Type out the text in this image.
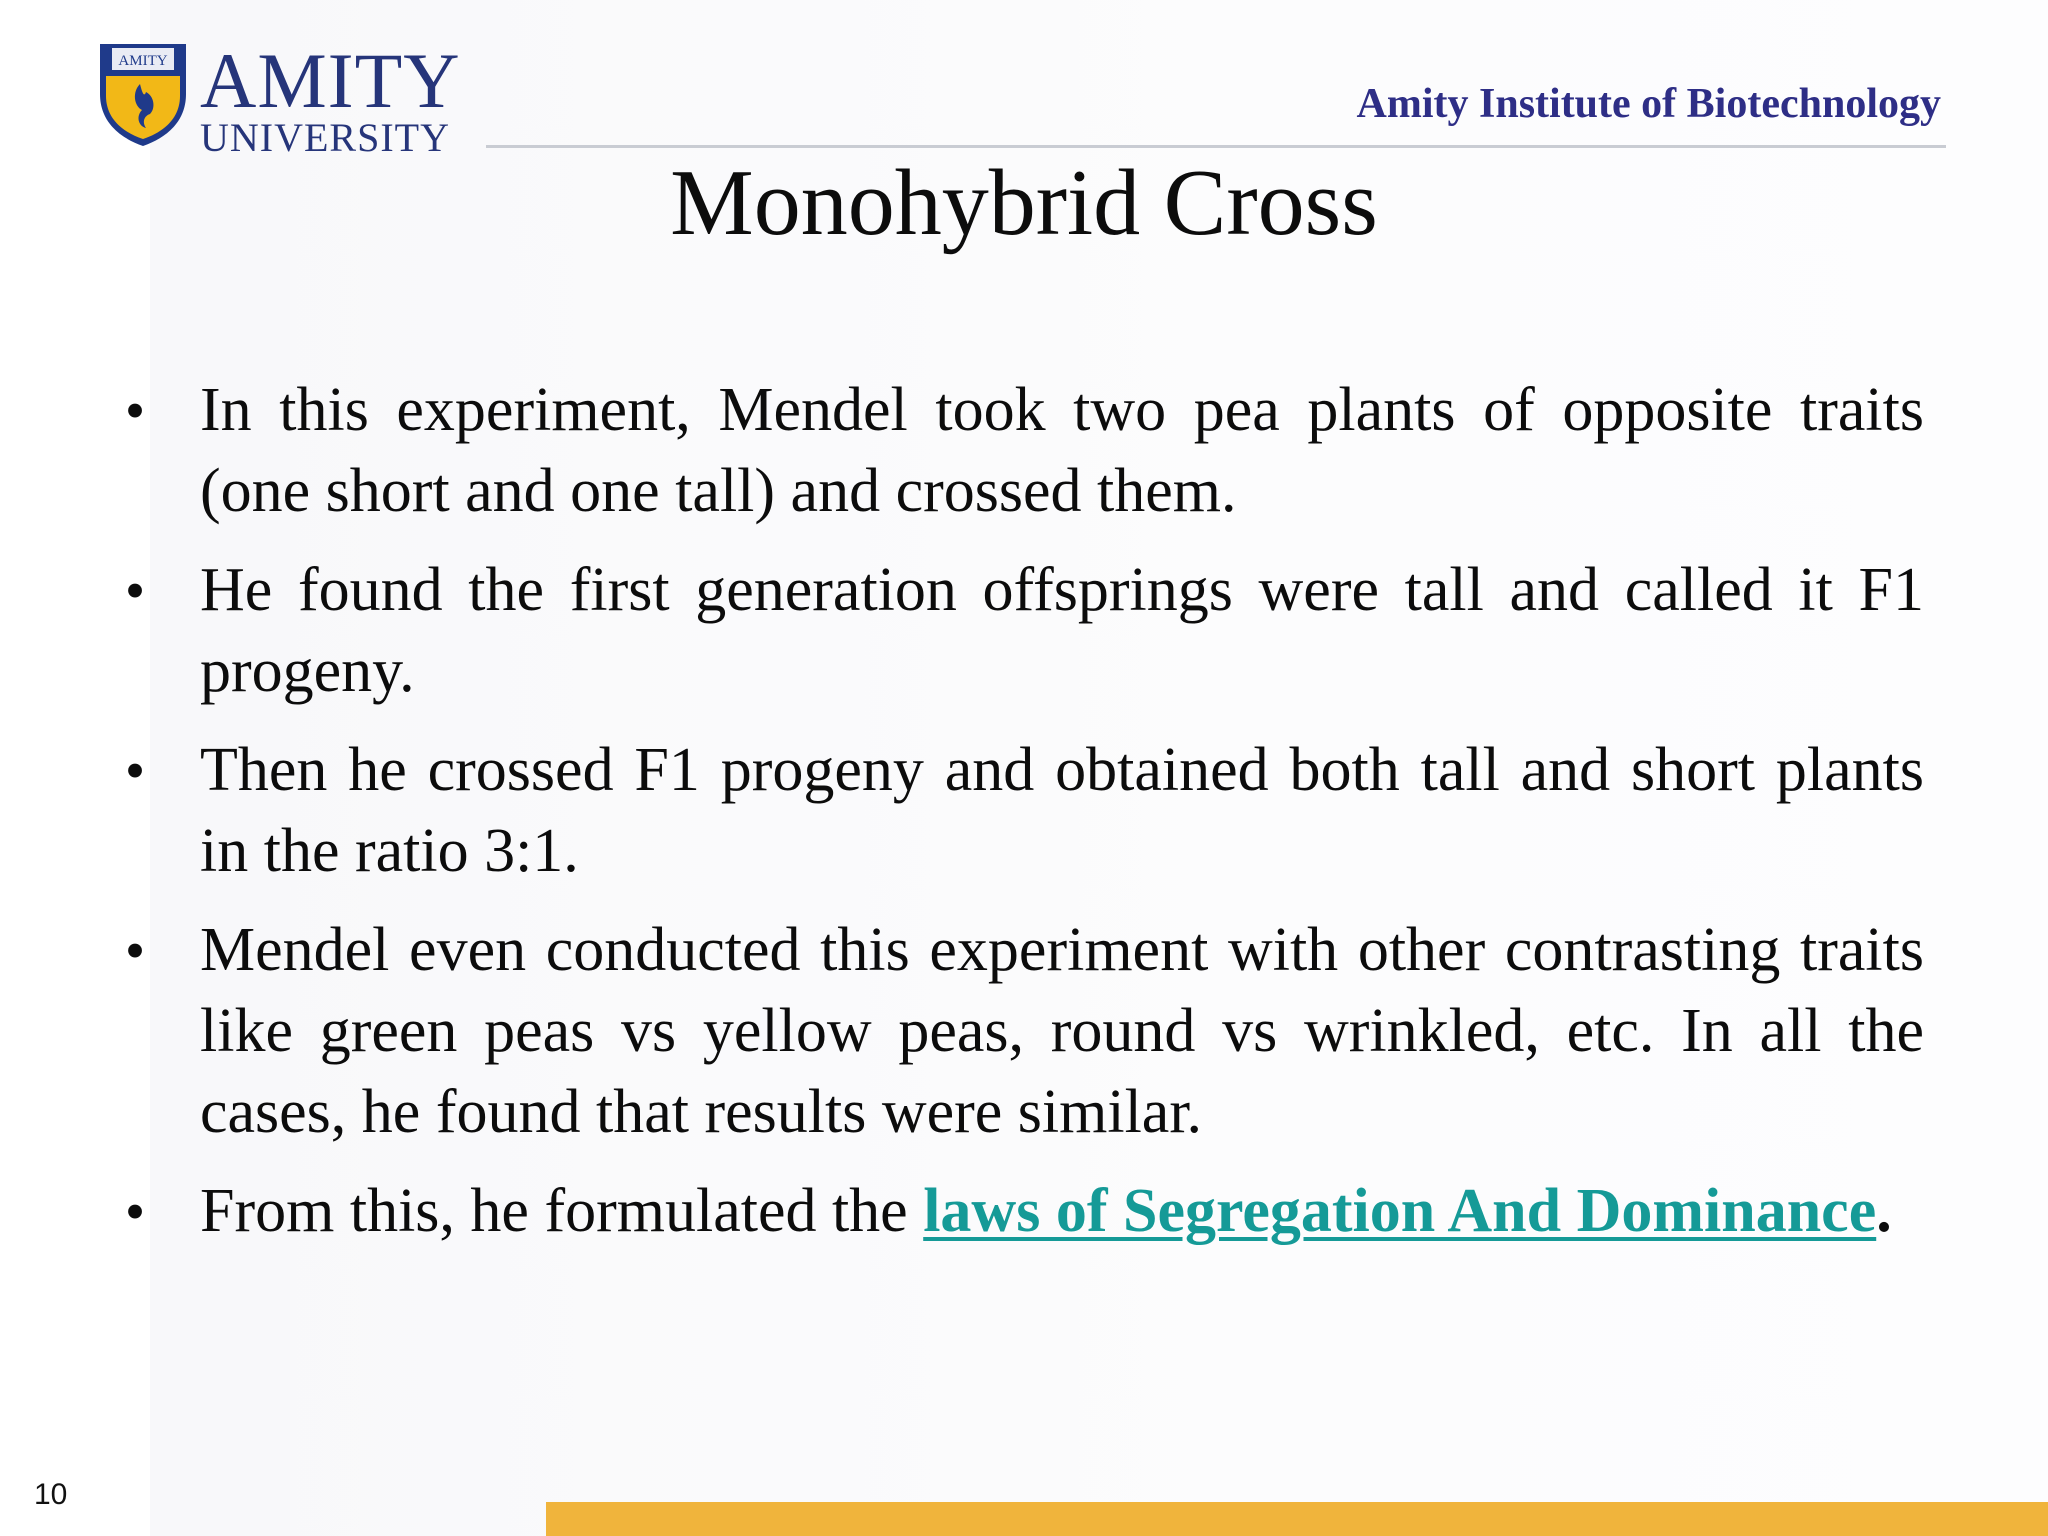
AMITY AMITY
UNIVERSITY
Amity Institute of Biotechnology
Monohybrid Cross
• In this experiment, Mendel took two pea plants of opposite traits (one short and one tall) and crossed them.
• He found the first generation offsprings were tall and called it F1 progeny.
• Then he crossed F1 progeny and obtained both tall and short plants in the ratio 3:1.
• Mendel even conducted this experiment with other contrasting traits like green peas vs yellow peas, round vs wrinkled, etc. In all the cases, he found that results were similar.
• From this, he formulated the laws of Segregation And Dominance.
10
